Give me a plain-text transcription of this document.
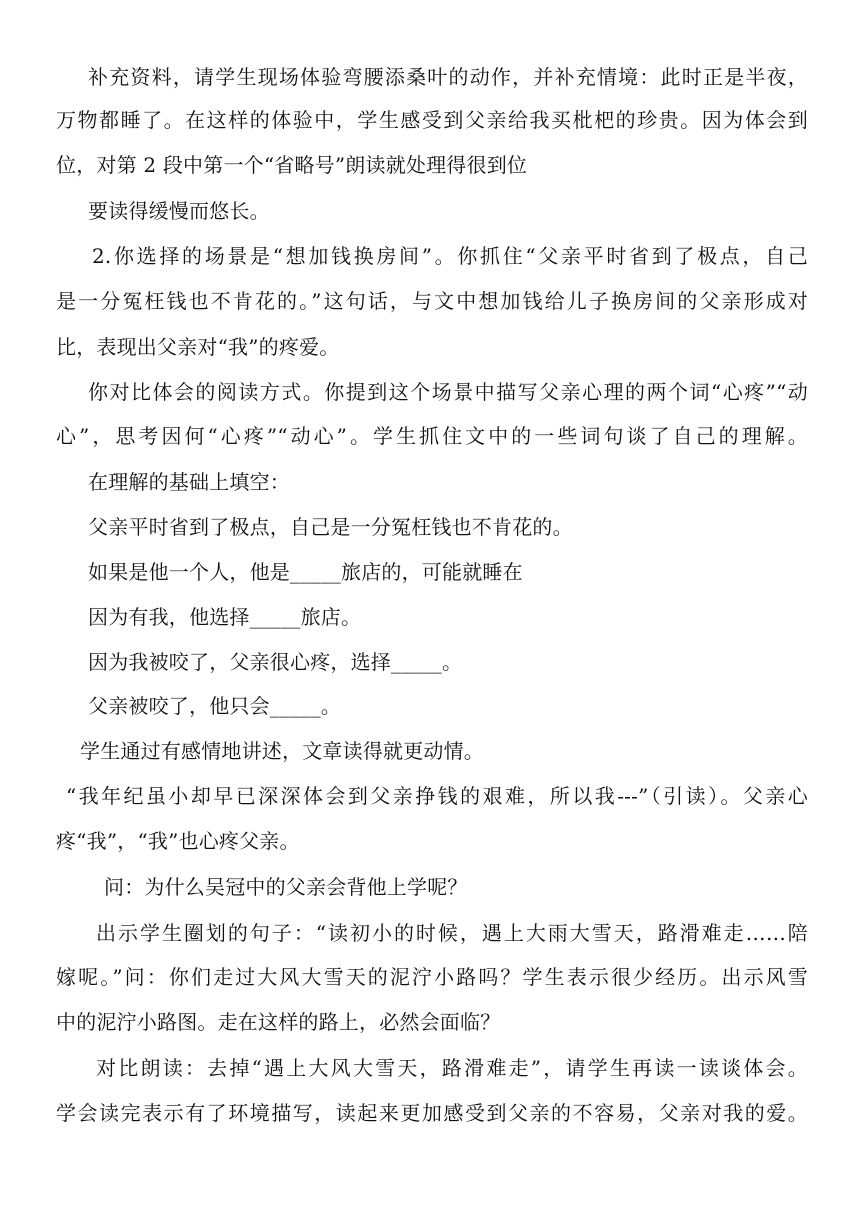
补充资料，请学生现场体验弯腰添桑叶的动作，并补充情境：此时正是半夜，
万物都睡了。在这样的体验中，学生感受到父亲给我买枇杷的珍贵。因为体会到
位，对第 2 段中第一个“省略号”朗读就处理得很到位
要读得缓慢而悠长。
2.你选择的场景是“想加钱换房间”。你抓住“父亲平时省到了极点，自己
是一分冤枉钱也不肯花的。”这句话，与文中想加钱给儿子换房间的父亲形成对
比，表现出父亲对“我”的疼爱。
你对比体会的阅读方式。你提到这个场景中描写父亲心理的两个词“心疼”“动
心”，思考因何“心疼”“动心”。学生抓住文中的一些词句谈了自己的理解。
在理解的基础上填空：
父亲平时省到了极点，自己是一分冤枉钱也不肯花的。
如果是他一个人，他是_____旅店的，可能就睡在
因为有我，他选择_____旅店。
因为我被咬了，父亲很心疼，选择_____。
父亲被咬了，他只会_____。
学生通过有感情地讲述，文章读得就更动情。
“我年纪虽小却早已深深体会到父亲挣钱的艰难，所以我---”（引读）。父亲心
疼“我”，“我”也心疼父亲。
问：为什么吴冠中的父亲会背他上学呢？
出示学生圈划的句子：“读初小的时候，遇上大雨大雪天，路滑难走……陪
嫁呢。”问：你们走过大风大雪天的泥泞小路吗？学生表示很少经历。出示风雪
中的泥泞小路图。走在这样的路上，必然会面临？
对比朗读：去掉“遇上大风大雪天，路滑难走”，请学生再读一读谈体会。
学会读完表示有了环境描写，读起来更加感受到父亲的不容易，父亲对我的爱。
